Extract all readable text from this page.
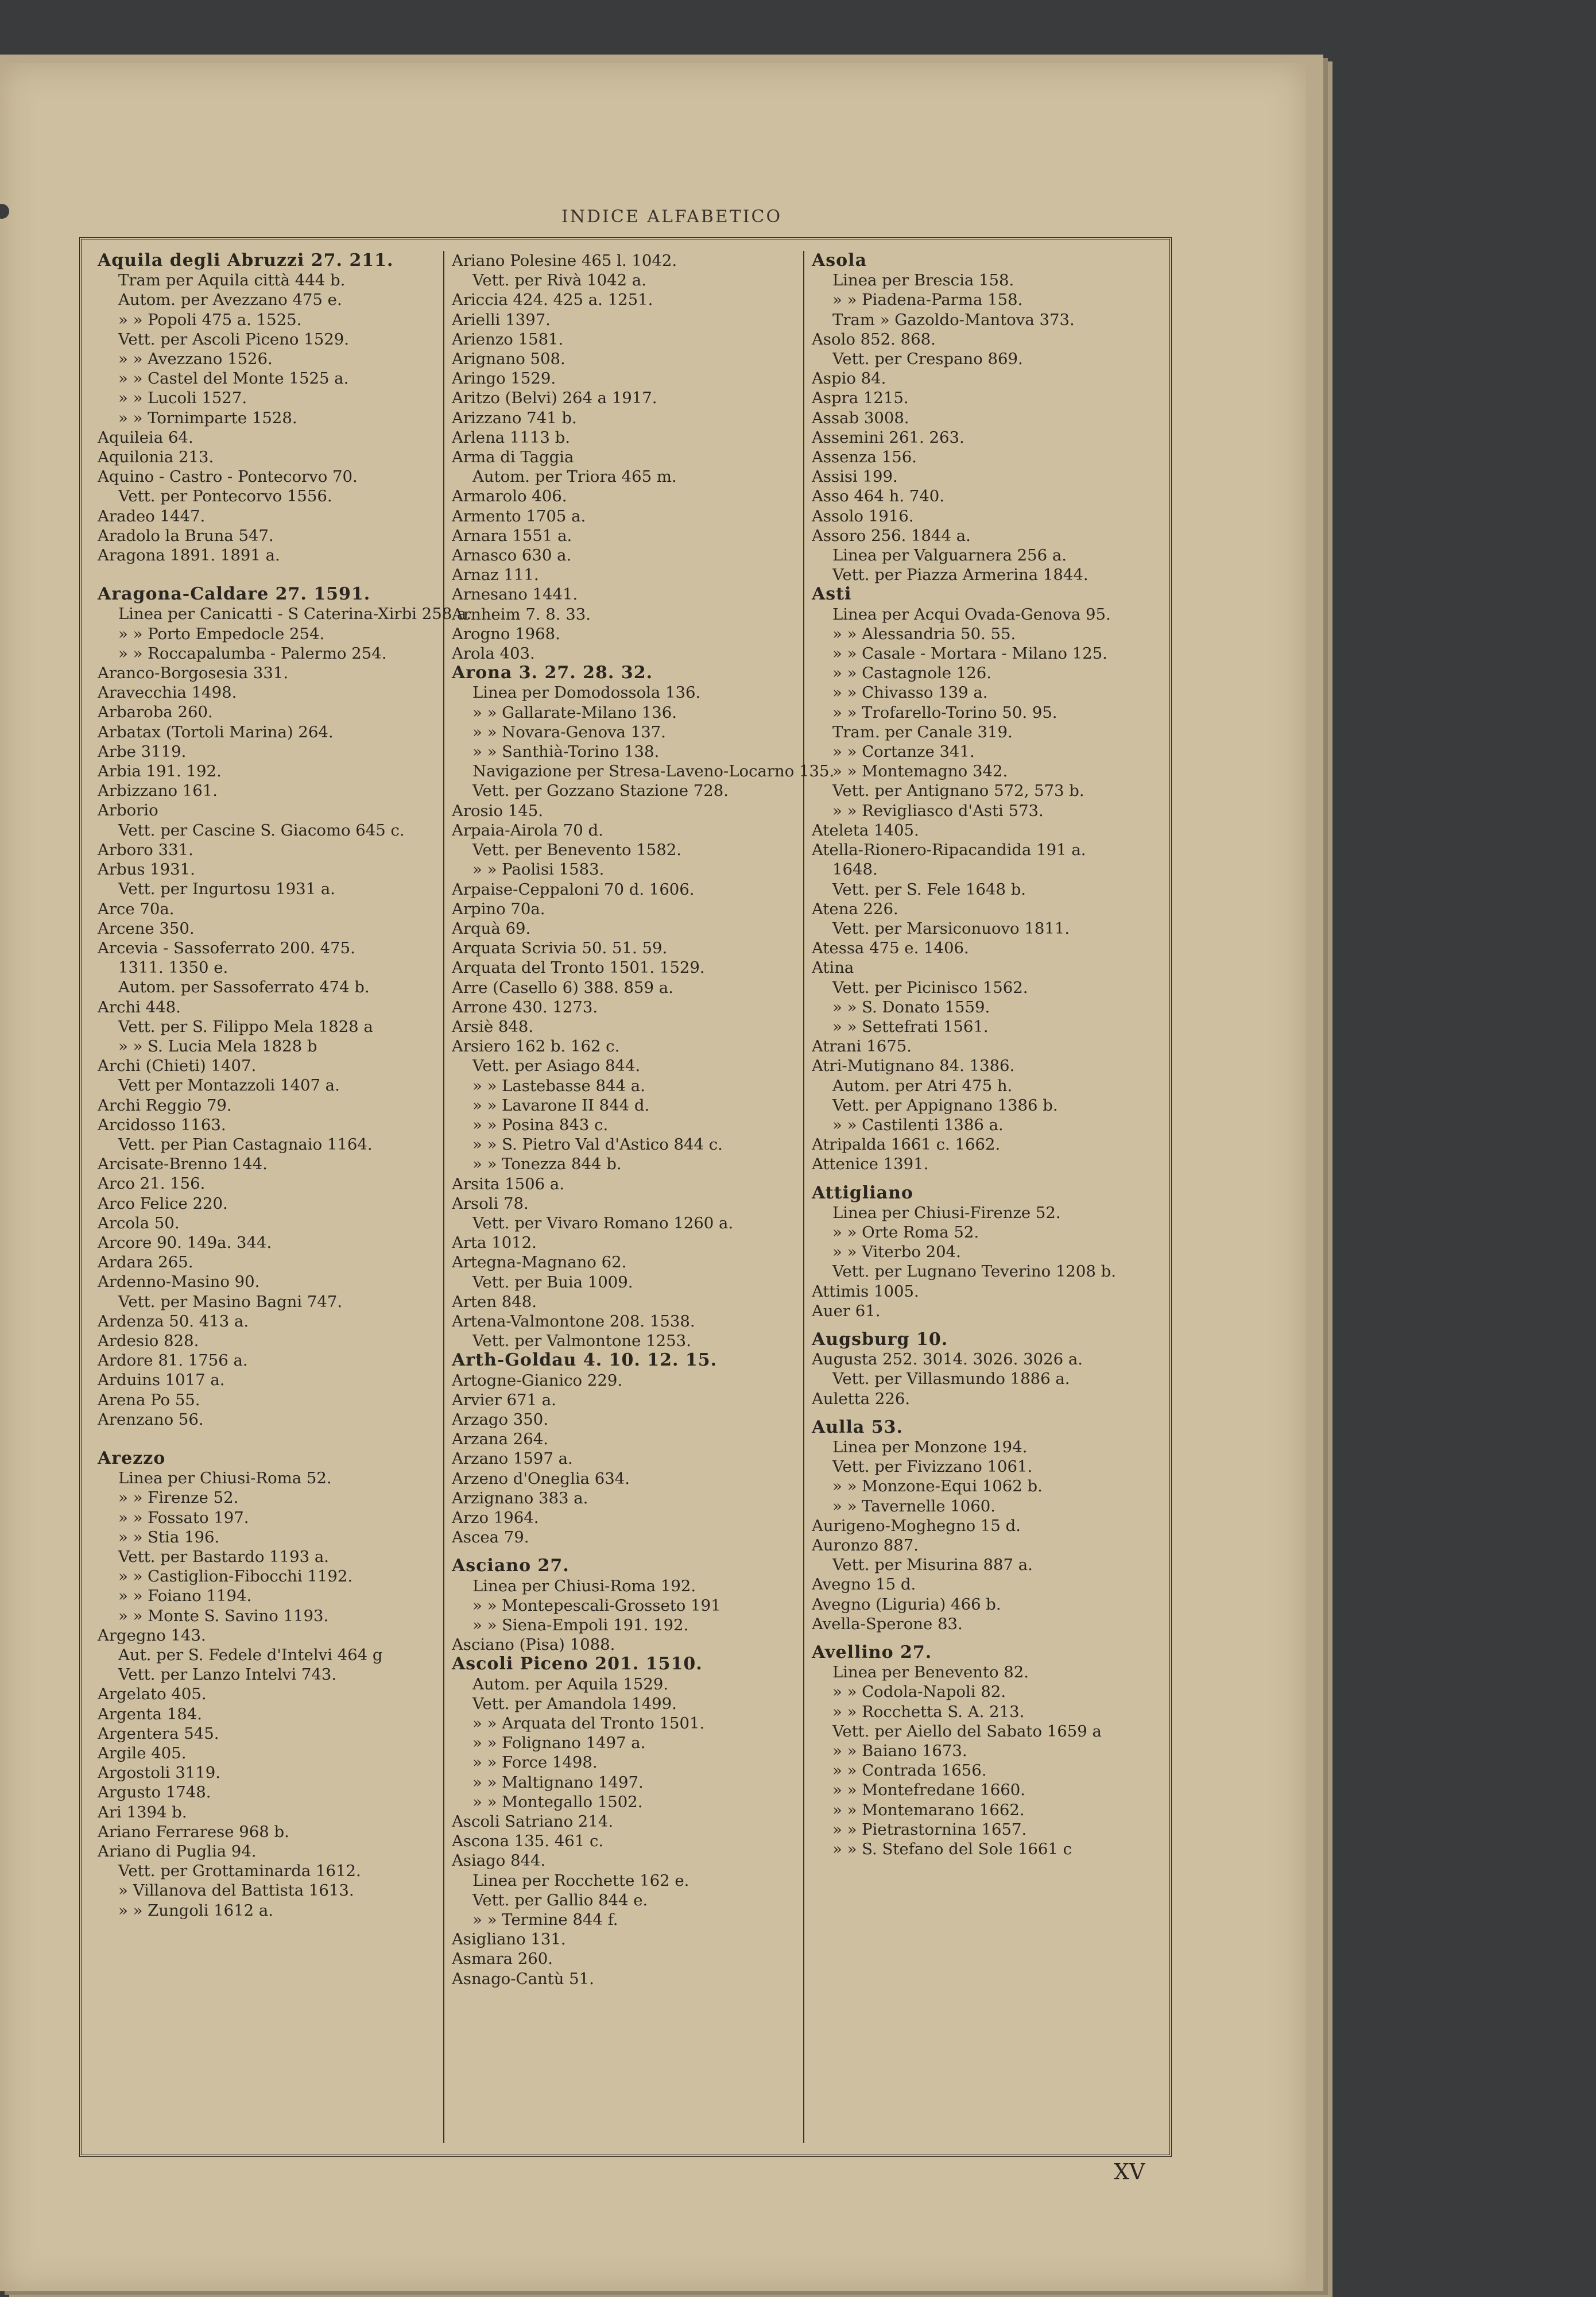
INDICE ALFABETICO
Aquila degli Abruzzi 27. 211.
Tram per Aquila città 444 b.
Autom. per Avezzano 475 e.
» » Popoli 475 a. 1525.
Vett. per Ascoli Piceno 1529.
» » Avezzano 1526.
» » Castel del Monte 1525 a.
» » Lucoli 1527.
» » Tornimparte 1528.
Aquileia 64.
Aquilonia 213.
Aquino - Castro - Pontecorvo 70.
Vett. per Pontecorvo 1556.
Aradeo 1447.
Aradolo la Bruna 547.
Aragona 1891. 1891 a.
Aragona-Caldare 27. 1591.
Linea per Canicatti - S Caterina-Xirbi 258 a.
» » Porto Empedocle 254.
» » Roccapalumba - Palermo 254.
Aranco-Borgosesia 331.
Aravecchia 1498.
Arbaroba 260.
Arbatax (Tortoli Marina) 264.
Arbe 3119.
Arbia 191. 192.
Arbizzano 161.
Arborio
Vett. per Cascine S. Giacomo 645 c.
Arboro 331.
Arbus 1931.
Vett. per Ingurtosu 1931 a.
Arce 70a.
Arcene 350.
Arcevia - Sassoferrato 200. 475.
1311. 1350 e.
Autom. per Sassoferrato 474 b.
Archi 448.
Vett. per S. Filippo Mela 1828 a
» » S. Lucia Mela 1828 b
Archi (Chieti) 1407.
Vett per Montazzoli 1407 a.
Archi Reggio 79.
Arcidosso 1163.
Vett. per Pian Castagnaio 1164.
Arcisate-Brenno 144.
Arco 21. 156.
Arco Felice 220.
Arcola 50.
Arcore 90. 149a. 344.
Ardara 265.
Ardenno-Masino 90.
Vett. per Masino Bagni 747.
Ardenza 50. 413 a.
Ardesio 828.
Ardore 81. 1756 a.
Arduins 1017 a.
Arena Po 55.
Arenzano 56.
Arezzo
Linea per Chiusi-Roma 52.
» » Firenze 52.
» » Fossato 197.
» » Stia 196.
Vett. per Bastardo 1193 a.
» » Castiglion-Fibocchi 1192.
» » Foiano 1194.
» » Monte S. Savino 1193.
Argegno 143.
Aut. per S. Fedele d'Intelvi 464 g
Vett. per Lanzo Intelvi 743.
Argelato 405.
Argenta 184.
Argentera 545.
Argile 405.
Argostoli 3119.
Argusto 1748.
Ari 1394 b.
Ariano Ferrarese 968 b.
Ariano di Puglia 94.
Vett. per Grottaminarda 1612.
» Villanova del Battista 1613.
» » Zungoli 1612 a.
Ariano Polesine 465 l. 1042.
Vett. per Rivà 1042 a.
Ariccia 424. 425 a. 1251.
Arielli 1397.
Arienzo 1581.
Arignano 508.
Aringo 1529.
Aritzo (Belvi) 264 a 1917.
Arizzano 741 b.
Arlena 1113 b.
Arma di Taggia
Autom. per Triora 465 m.
Armarolo 406.
Armento 1705 a.
Arnara 1551 a.
Arnasco 630 a.
Arnaz 111.
Arnesano 1441.
Arnheim 7. 8. 33.
Arogno 1968.
Arola 403.
Arona 3. 27. 28. 32.
Linea per Domodossola 136.
» » Gallarate-Milano 136.
» » Novara-Genova 137.
» » Santhià-Torino 138.
Navigazione per Stresa-Laveno-Locarno 135.
Vett. per Gozzano Stazione 728.
Arosio 145.
Arpaia-Airola 70 d.
Vett. per Benevento 1582.
» » Paolisi 1583.
Arpaise-Ceppaloni 70 d. 1606.
Arpino 70a.
Arquà 69.
Arquata Scrivia 50. 51. 59.
Arquata del Tronto 1501. 1529.
Arre (Casello 6) 388. 859 a.
Arrone 430. 1273.
Arsiè 848.
Arsiero 162 b. 162 c.
Vett. per Asiago 844.
» » Lastebasse 844 a.
» » Lavarone II 844 d.
» » Posina 843 c.
» » S. Pietro Val d'Astico 844 c.
» » Tonezza 844 b.
Arsita 1506 a.
Arsoli 78.
Vett. per Vivaro Romano 1260 a.
Arta 1012.
Artegna-Magnano 62.
Vett. per Buia 1009.
Arten 848.
Artena-Valmontone 208. 1538.
Vett. per Valmontone 1253.
Arth-Goldau 4. 10. 12. 15.
Artogne-Gianico 229.
Arvier 671 a.
Arzago 350.
Arzana 264.
Arzano 1597 a.
Arzeno d'Oneglia 634.
Arzignano 383 a.
Arzo 1964.
Ascea 79.
Asciano 27.
Linea per Chiusi-Roma 192.
» » Montepescali-Grosseto 191
» » Siena-Empoli 191. 192.
Asciano (Pisa) 1088.
Ascoli Piceno 201. 1510.
Autom. per Aquila 1529.
Vett. per Amandola 1499.
» » Arquata del Tronto 1501.
» » Folignano 1497 a.
» » Force 1498.
» » Maltignano 1497.
» » Montegallo 1502.
Ascoli Satriano 214.
Ascona 135. 461 c.
Asiago 844.
Linea per Rocchette 162 e.
Vett. per Gallio 844 e.
» » Termine 844 f.
Asigliano 131.
Asmara 260.
Asnago-Cantù 51.
Asola
Linea per Brescia 158.
» » Piadena-Parma 158.
Tram » Gazoldo-Mantova 373.
Asolo 852. 868.
Vett. per Crespano 869.
Aspio 84.
Aspra 1215.
Assab 3008.
Assemini 261. 263.
Assenza 156.
Assisi 199.
Asso 464 h. 740.
Assolo 1916.
Assoro 256. 1844 a.
Linea per Valguarnera 256 a.
Vett. per Piazza Armerina 1844.
Asti
Linea per Acqui Ovada-Genova 95.
» » Alessandria 50. 55.
» » Casale - Mortara - Milano 125.
» » Castagnole 126.
» » Chivasso 139 a.
» » Trofarello-Torino 50. 95.
Tram. per Canale 319.
» » Cortanze 341.
» » Montemagno 342.
Vett. per Antignano 572, 573 b.
» » Revigliasco d'Asti 573.
Ateleta 1405.
Atella-Rionero-Ripacandida 191 a.
1648.
Vett. per S. Fele 1648 b.
Atena 226.
Vett. per Marsiconuovo 1811.
Atessa 475 e. 1406.
Atina
Vett. per Picinisco 1562.
» » S. Donato 1559.
» » Settefrati 1561.
Atrani 1675.
Atri-Mutignano 84. 1386.
Autom. per Atri 475 h.
Vett. per Appignano 1386 b.
» » Castilenti 1386 a.
Atripalda 1661 c. 1662.
Attenice 1391.
Attigliano
Linea per Chiusi-Firenze 52.
» » Orte Roma 52.
» » Viterbo 204.
Vett. per Lugnano Teverino 1208 b.
Attimis 1005.
Auer 61.
Augsburg 10.
Augusta 252. 3014. 3026. 3026 a.
Vett. per Villasmundo 1886 a.
Auletta 226.
Aulla 53.
Linea per Monzone 194.
Vett. per Fivizzano 1061.
» » Monzone-Equi 1062 b.
» » Tavernelle 1060.
Aurigeno-Moghegno 15 d.
Auronzo 887.
Vett. per Misurina 887 a.
Avegno 15 d.
Avegno (Liguria) 466 b.
Avella-Sperone 83.
Avellino 27.
Linea per Benevento 82.
» » Codola-Napoli 82.
» » Rocchetta S. A. 213.
Vett. per Aiello del Sabato 1659 a
» » Baiano 1673.
» » Contrada 1656.
» » Montefredane 1660.
» » Montemarano 1662.
» » Pietrastornina 1657.
» » S. Stefano del Sole 1661 c
XV
